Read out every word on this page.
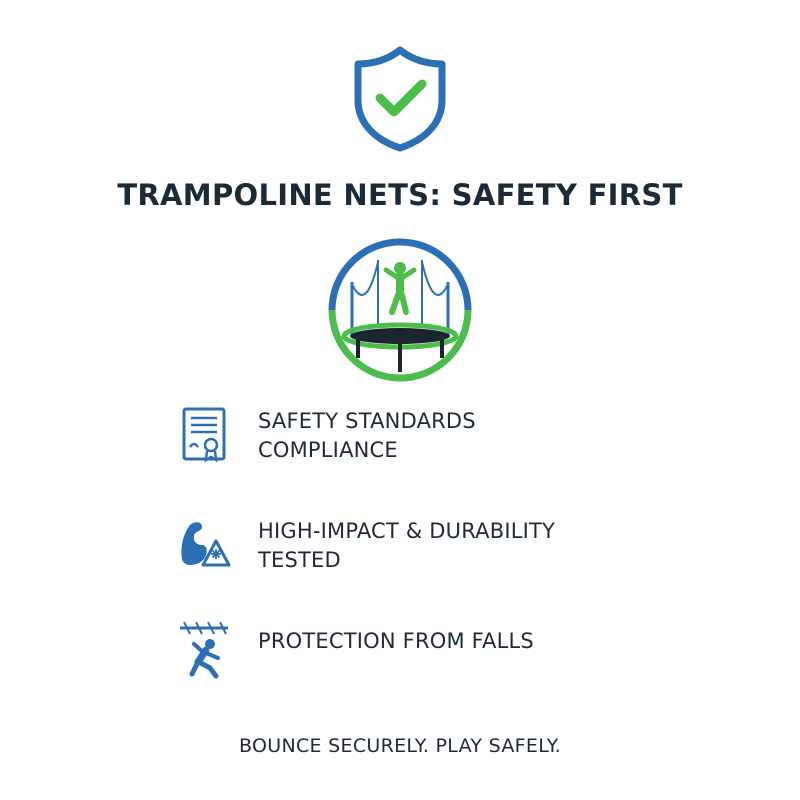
TRAMPOLINE NETS: SAFETY FIRST
SAFETY STANDARDS
COMPLIANCE
HIGH-IMPACT & DURABILITY
TESTED
PROTECTION FROM FALLS
BOUNCE SECURELY. PLAY SAFELY.
